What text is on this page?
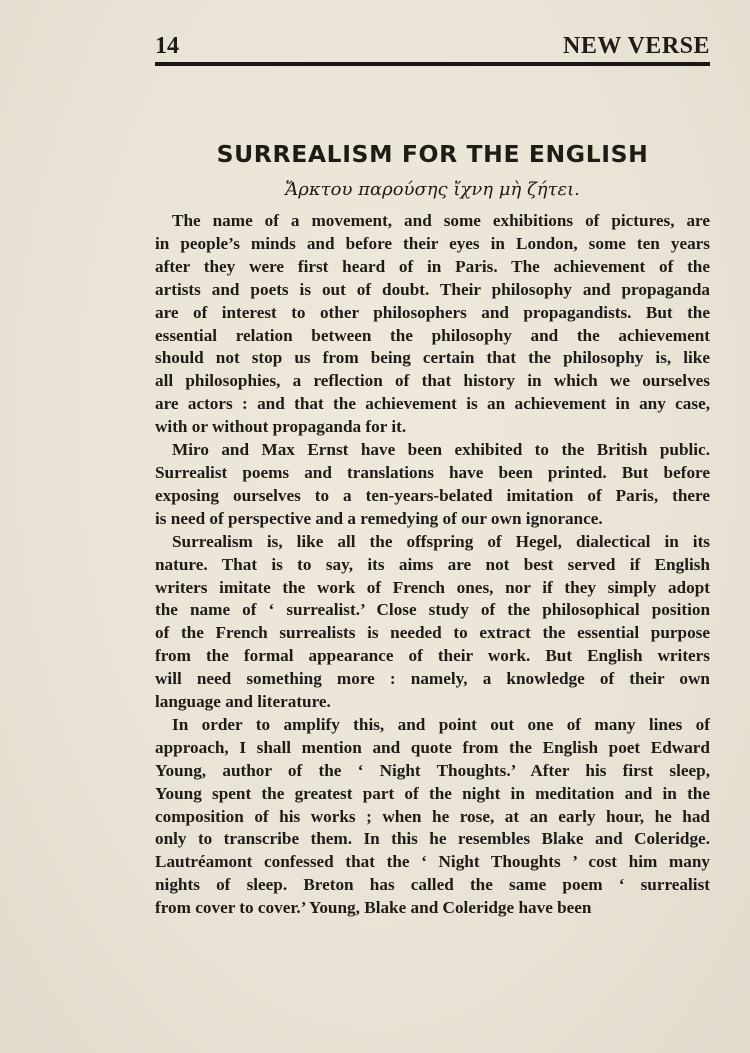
14	NEW VERSE
SURREALISM FOR THE ENGLISH
Ἄρκτου παρούσης ἴχνη μὴ ζήτει.

The name of a movement, and some exhibitions of pictures, are
in people’s minds and before their eyes in London, some ten years
after they were first heard of in Paris. The achievement of the
artists and poets is out of doubt. Their philosophy and propaganda
are of interest to other philosophers and propagandists. But the
essential relation between the philosophy and the achievement
should not stop us from being certain that the philosophy is, like
all philosophies, a reflection of that history in which we ourselves
are actors : and that the achievement is an achievement in any case,
with or without propaganda for it.

Miro and Max Ernst have been exhibited to the British public.
Surrealist poems and translations have been printed. But before
exposing ourselves to a ten-years-belated imitation of Paris, there
is need of perspective and a remedying of our own ignorance.

Surrealism is, like all the offspring of Hegel, dialectical in its
nature. That is to say, its aims are not best served if English
writers imitate the work of French ones, nor if they simply adopt
the name of ‘ surrealist.’ Close study of the philosophical position
of the French surrealists is needed to extract the essential purpose
from the formal appearance of their work. But English writers
will need something more : namely, a knowledge of their own
language and literature.

In order to amplify this, and point out one of many lines of
approach, I shall mention and quote from the English poet Edward
Young, author of the ‘ Night Thoughts.’ After his first sleep,
Young spent the greatest part of the night in meditation and in the
composition of his works ; when he rose, at an early hour, he had
only to transcribe them. In this he resembles Blake and Coleridge.
Lautréamont confessed that the ‘ Night Thoughts ’ cost him many
nights of sleep. Breton has called the same poem ‘ surrealist
from cover to cover.’ Young, Blake and Coleridge have been
